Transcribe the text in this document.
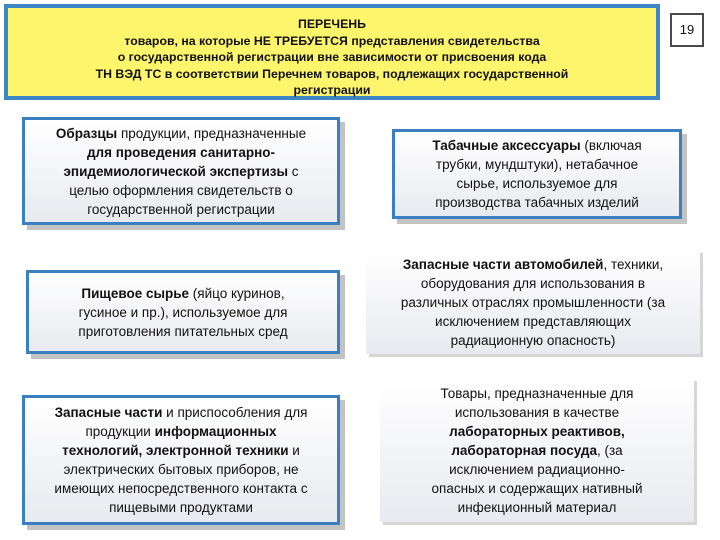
ПЕРЕЧЕНЬ
товаров, на которые НЕ ТРЕБУЕТСЯ представления свидетельства
о государственной регистрации вне зависимости от присвоения кода
ТН ВЭД ТС в соответствии Перечнем товаров, подлежащих государственной
регистрации
19
Образцы продукции, предназначенные
для проведения санитарно-
эпидемиологической экспертизы с
целью оформления свидетельств о
государственной регистрации
Пищевое сырье (яйцо куринов,
гусиное и пр.), используемое для
приготовления питательных сред
Запасные части и приспособления для
продукции информационных
технологий, электронной техники и
электрических бытовых приборов, не
имеющих непосредственного контакта с
пищевыми продуктами
Табачные аксессуары (включая
трубки, мундштуки), нетабачное
сырье, используемое для
производства табачных изделий
Запасные части автомобилей, техники,
оборудования для использования в
различных отраслях промышленности (за
исключением представляющих
радиационную опасность)
Товары, предназначенные для
использования в качестве
лабораторных реактивов,
лабораторная посуда, (за
исключением радиационно-
опасных и содержащих нативный
инфекционный материал
